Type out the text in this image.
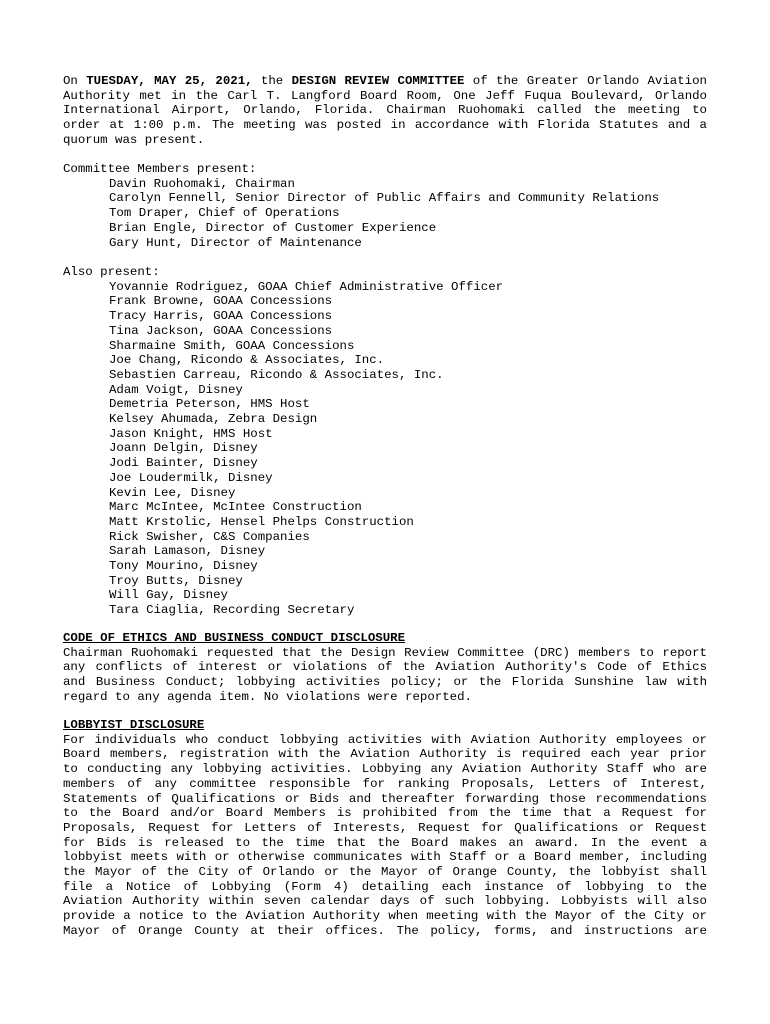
On TUESDAY, MAY 25, 2021, the DESIGN REVIEW COMMITTEE of the Greater Orlando Aviation
Authority met in the Carl T. Langford Board Room, One Jeff Fuqua Boulevard, Orlando
International Airport, Orlando, Florida. Chairman Ruohomaki called the meeting to
order at 1:00 p.m. The meeting was posted in accordance with Florida Statutes and a
quorum was present.
Committee Members present:
Davin Ruohomaki, Chairman
Carolyn Fennell, Senior Director of Public Affairs and Community Relations
Tom Draper, Chief of Operations
Brian Engle, Director of Customer Experience
Gary Hunt, Director of Maintenance
Also present:
Yovannie Rodriguez, GOAA Chief Administrative Officer
Frank Browne, GOAA Concessions
Tracy Harris, GOAA Concessions
Tina Jackson, GOAA Concessions
Sharmaine Smith, GOAA Concessions
Joe Chang, Ricondo & Associates, Inc.
Sebastien Carreau, Ricondo & Associates, Inc.
Adam Voigt, Disney
Demetria Peterson, HMS Host
Kelsey Ahumada, Zebra Design
Jason Knight, HMS Host
Joann Delgin, Disney
Jodi Bainter, Disney
Joe Loudermilk, Disney
Kevin Lee, Disney
Marc McIntee, McIntee Construction
Matt Krstolic, Hensel Phelps Construction
Rick Swisher, C&S Companies
Sarah Lamason, Disney
Tony Mourino, Disney
Troy Butts, Disney
Will Gay, Disney
Tara Ciaglia, Recording Secretary
CODE OF ETHICS AND BUSINESS CONDUCT DISCLOSURE
Chairman Ruohomaki requested that the Design Review Committee (DRC) members to report
any conflicts of interest or violations of the Aviation Authority's Code of Ethics
and Business Conduct; lobbying activities policy; or the Florida Sunshine law with
regard to any agenda item. No violations were reported.
LOBBYIST DISCLOSURE
For individuals who conduct lobbying activities with Aviation Authority employees or
Board members, registration with the Aviation Authority is required each year prior
to conducting any lobbying activities. Lobbying any Aviation Authority Staff who are
members of any committee responsible for ranking Proposals, Letters of Interest,
Statements of Qualifications or Bids and thereafter forwarding those recommendations
to the Board and/or Board Members is prohibited from the time that a Request for
Proposals, Request for Letters of Interests, Request for Qualifications or Request
for Bids is released to the time that the Board makes an award. In the event a
lobbyist meets with or otherwise communicates with Staff or a Board member, including
the Mayor of the City of Orlando or the Mayor of Orange County, the lobbyist shall
file a Notice of Lobbying (Form 4) detailing each instance of lobbying to the
Aviation Authority within seven calendar days of such lobbying. Lobbyists will also
provide a notice to the Aviation Authority when meeting with the Mayor of the City or
Mayor of Orange County at their offices. The policy, forms, and instructions are
